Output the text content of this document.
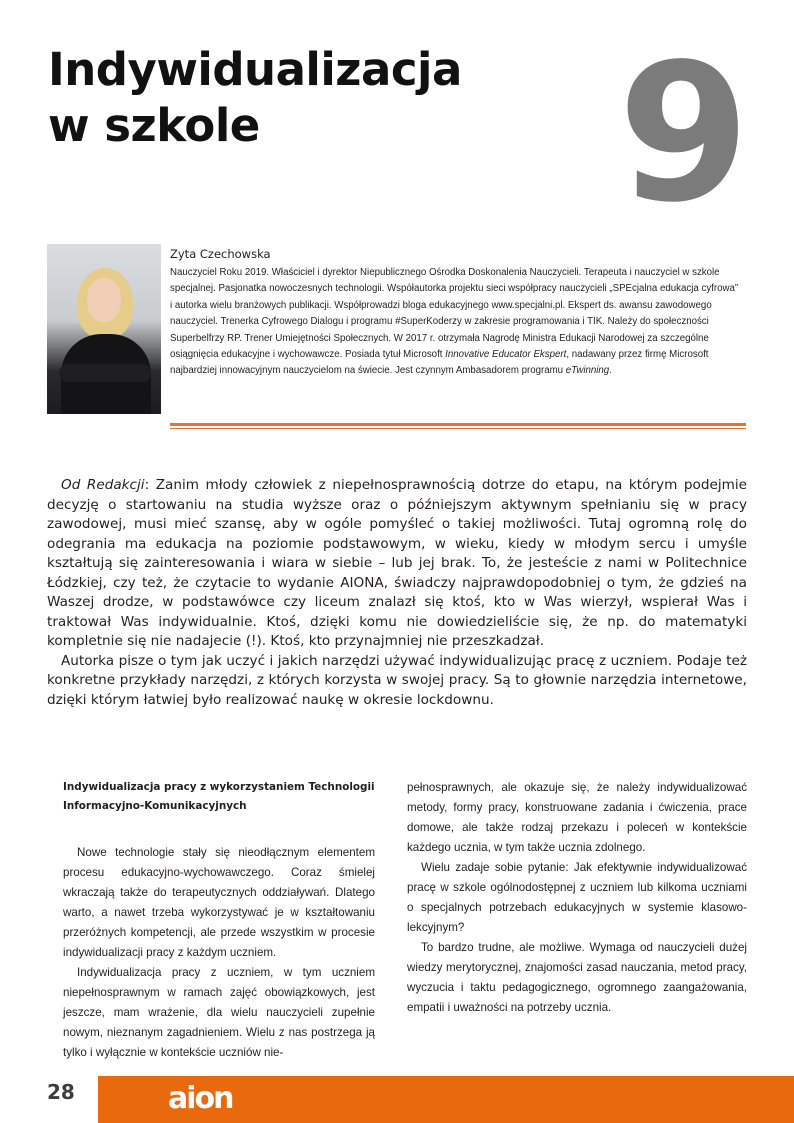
Indywidualizacja
w szkole	9
Zyta Czechowska
Nauczyciel Roku 2019. Właściciel i dyrektor Niepublicznego Ośrodka Doskonalenia Nauczycieli. Terapeuta i nauczyciel w szkole specjalnej. Pasjonatka nowoczesnych technologii. Współautorka projektu sieci współpracy nauczycieli „SPEcjalna edukacja cyfrowa” i autorka wielu branżowych publikacji. Współprowadzi bloga edukacyjnego www.specjalni.pl. Ekspert ds. awansu zawodowego nauczyciel. Trenerka Cyfrowego Dialogu i programu #SuperKoderzy w zakresie programowania i TIK. Należy do społeczności Superbelfrzy RP. Trener Umiejętności Społecznych. W 2017 r. otrzymała Nagrodę Ministra Edukacji Narodowej za szczególne osiągnięcia edukacyjne i wychowawcze. Posiada tytuł Microsoft Innovative Educator Ekspert, nadawany przez firmę Microsoft najbardziej innowacyjnym nauczycielom na świecie. Jest czynnym Ambasadorem programu eTwinning.

Od Redakcji: Zanim młody człowiek z niepełnosprawnością dotrze do etapu, na którym podejmie decyzję o startowaniu na studia wyższe oraz o późniejszym aktywnym spełnianiu się w pracy zawodowej, musi mieć szansę, aby w ogóle pomyśleć o takiej możliwości. Tutaj ogromną rolę do odegrania ma edukacja na poziomie podstawowym, w wieku, kiedy w młodym sercu i umyśle kształtują się zainteresowania i wiara w siebie – lub jej brak. To, że jesteście z nami w Politechnice Łódzkiej, czy też, że czytacie to wydanie AIONA, świadczy najprawdopodobniej o tym, że gdzieś na Waszej drodze, w podstawówce czy liceum znalazł się ktoś, kto w Was wierzył, wspierał Was i traktował Was indywidualnie. Ktoś, dzięki komu nie dowiedzieliście się, że np. do matematyki kompletnie się nie nadajecie (!). Ktoś, kto przynajmniej nie przeszkadzał.

Autorka pisze o tym jak uczyć i jakich narzędzi używać indywidualizując pracę z uczniem. Podaje też konkretne przykłady narzędzi, z których korzysta w swojej pracy. Są to głownie narzędzia internetowe, dzięki którym łatwiej było realizować naukę w okresie lockdownu.

Indywidualizacja pracy z wykorzystaniem Technologii Informacyjno-Komunikacyjnych

Nowe technologie stały się nieodłącznym elementem procesu edukacyjno-wychowawczego. Coraz śmielej wkraczają także do terapeutycznych oddziaływań. Dlatego warto, a nawet trzeba wykorzystywać je w kształtowaniu przeróżnych kompetencji, ale przede wszystkim w procesie indywidualizacji pracy z każdym uczniem.

Indywidualizacja pracy z uczniem, w tym uczniem niepełnosprawnym w ramach zajęć obowiązkowych, jest jeszcze, mam wrażenie, dla wielu nauczycieli zupełnie nowym, nieznanym zagadnieniem. Wielu z nas postrzega ją tylko i wyłącznie w kontekście uczniów nie-

pełnosprawnych, ale okazuje się, że należy indywidualizować metody, formy pracy, konstruowane zadania i ćwiczenia, prace domowe, ale także rodzaj przekazu i poleceń w kontekście każdego ucznia, w tym także ucznia zdolnego.

Wielu zadaje sobie pytanie: Jak efektywnie indywidualizować pracę w szkole ogólnodostępnej z uczniem lub kilkoma uczniami o specjalnych potrzebach edukacyjnych w systemie klasowo-lekcyjnym?

To bardzo trudne, ale możliwe. Wymaga od nauczycieli dużej wiedzy merytorycznej, znajomości zasad nauczania, metod pracy, wyczucia i taktu pedagogicznego, ogromnego zaangażowania, empatii i uważności na potrzeby ucznia.

28	aion
